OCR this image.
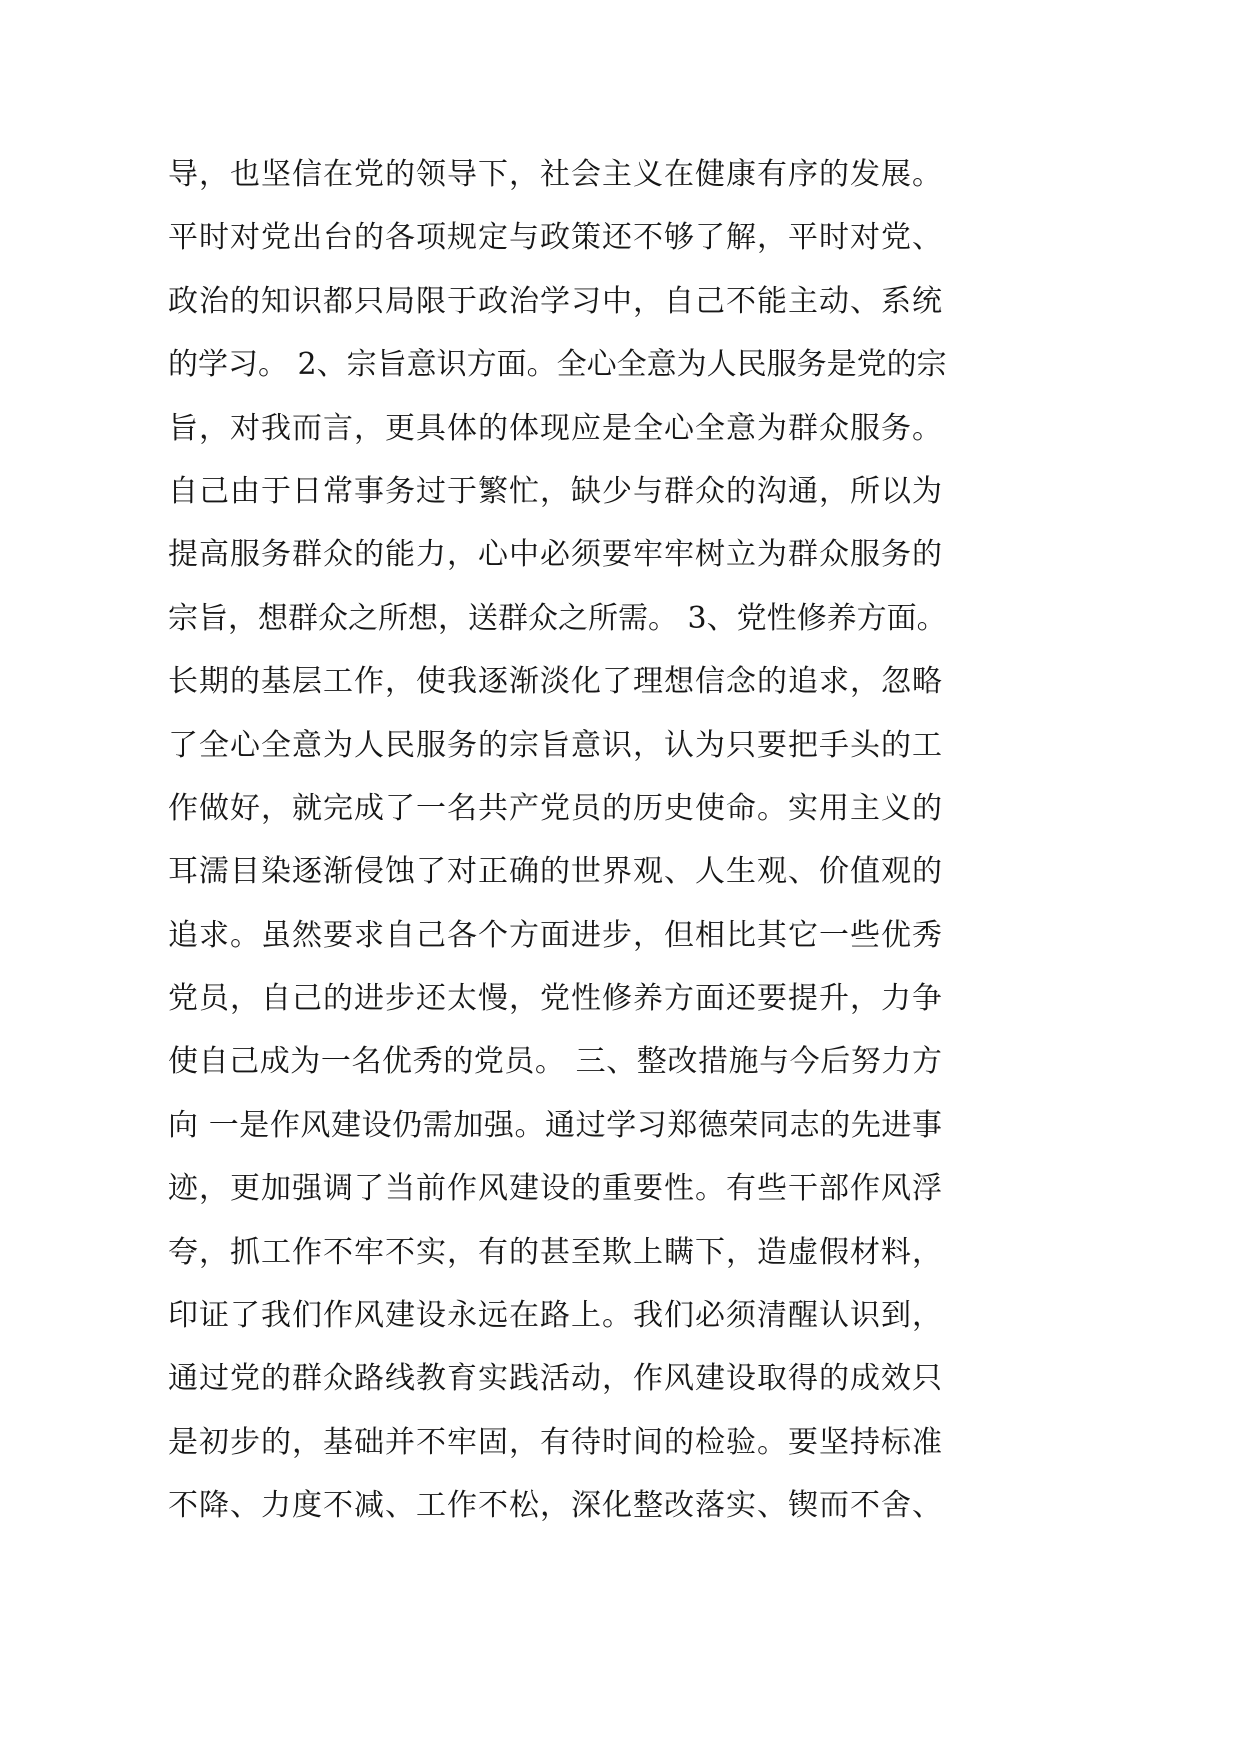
导，也坚信在党的领导下，社会主义在健康有序的发展。
平时对党出台的各项规定与政策还不够了解，平时对党、
政治的知识都只局限于政治学习中，自己不能主动、系统
的学习。 2、宗旨意识方面。全心全意为人民服务是党的宗
旨，对我而言，更具体的体现应是全心全意为群众服务。
自己由于日常事务过于繁忙，缺少与群众的沟通，所以为
提高服务群众的能力，心中必须要牢牢树立为群众服务的
宗旨，想群众之所想，送群众之所需。 3、党性修养方面。
长期的基层工作，使我逐渐淡化了理想信念的追求，忽略
了全心全意为人民服务的宗旨意识，认为只要把手头的工
作做好，就完成了一名共产党员的历史使命。实用主义的
耳濡目染逐渐侵蚀了对正确的世界观、人生观、价值观的
追求。虽然要求自己各个方面进步，但相比其它一些优秀
党员，自己的进步还太慢，党性修养方面还要提升，力争
使自己成为一名优秀的党员。 三、整改措施与今后努力方
向 一是作风建设仍需加强。通过学习郑德荣同志的先进事
迹，更加强调了当前作风建设的重要性。有些干部作风浮
夸，抓工作不牢不实，有的甚至欺上瞒下，造虚假材料，
印证了我们作风建设永远在路上。我们必须清醒认识到，
通过党的群众路线教育实践活动，作风建设取得的成效只
是初步的，基础并不牢固，有待时间的检验。要坚持标准
不降、力度不减、工作不松，深化整改落实、锲而不舍、
